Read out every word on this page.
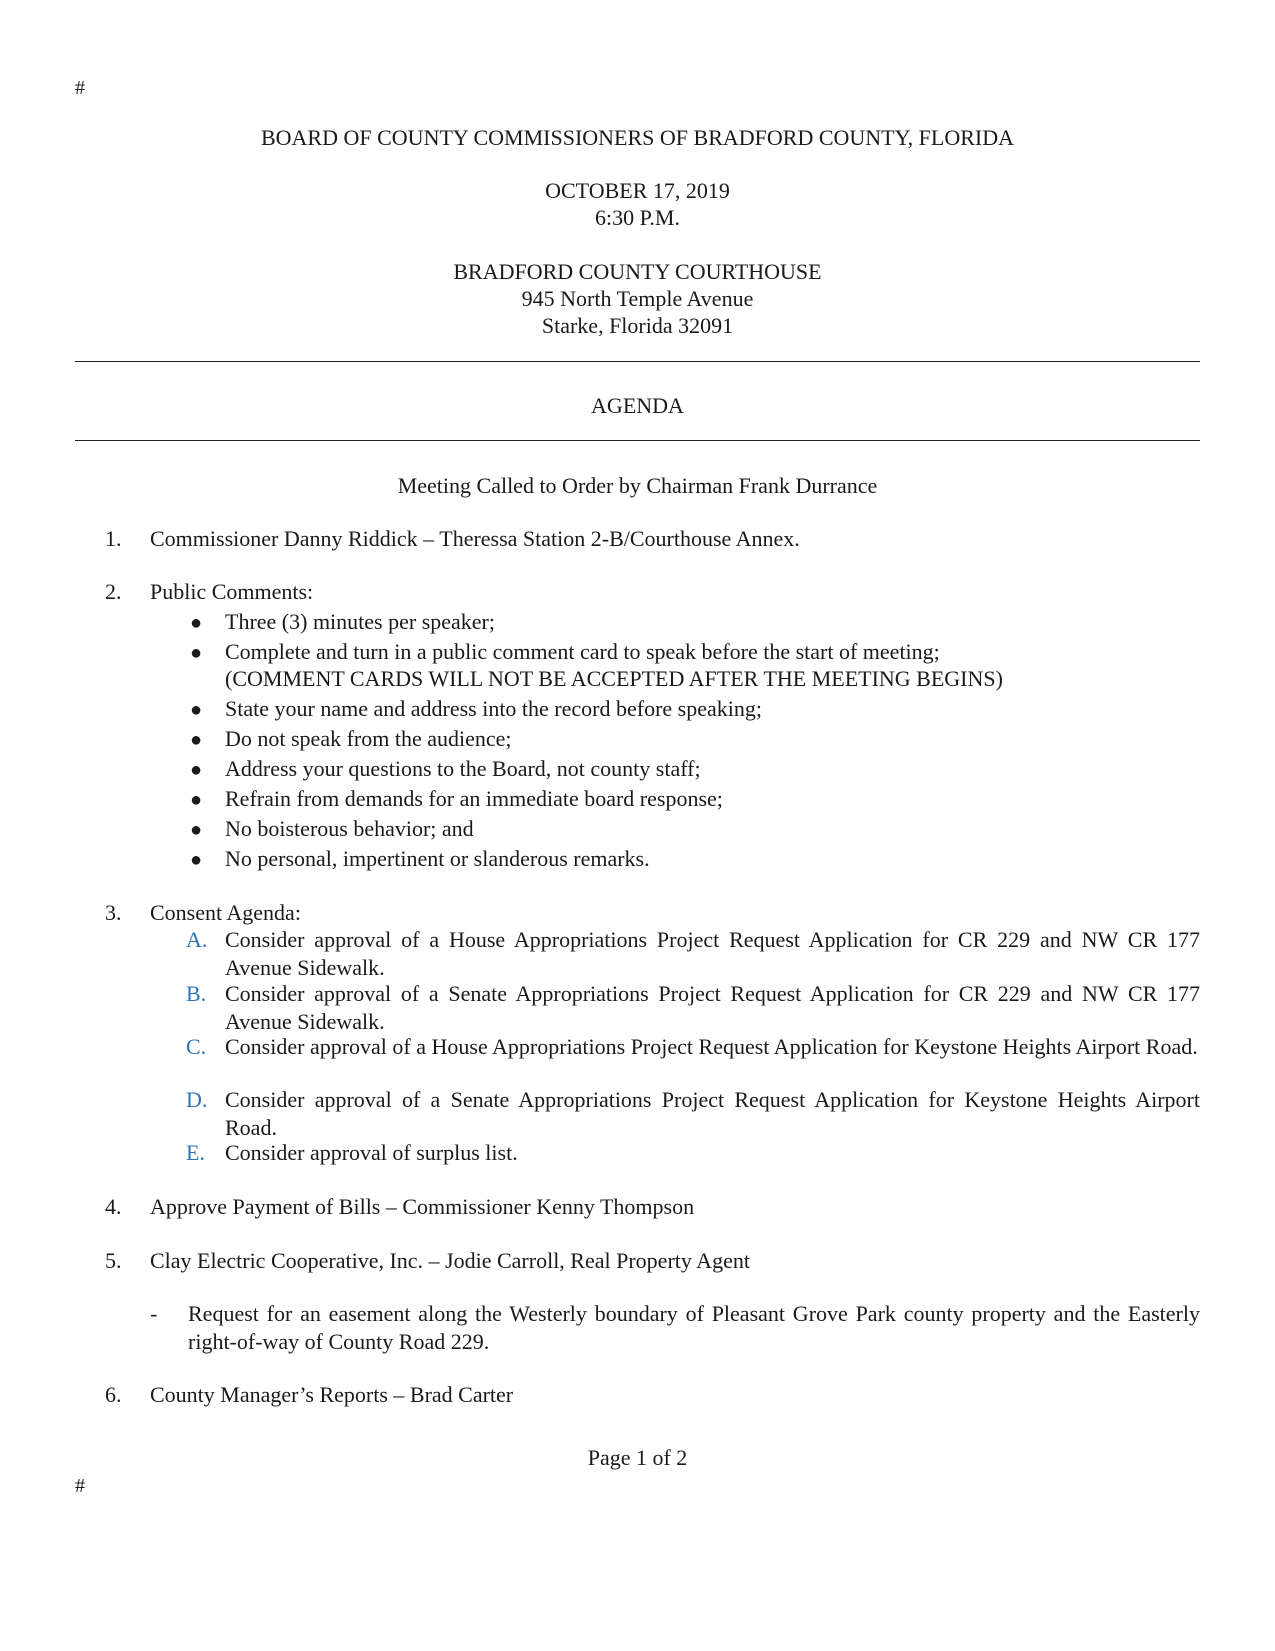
#
BOARD OF COUNTY COMMISSIONERS OF BRADFORD COUNTY, FLORIDA
OCTOBER 17, 2019
6:30 P.M.
BRADFORD COUNTY COURTHOUSE
945 North Temple Avenue
Starke, Florida 32091
AGENDA
Meeting Called to Order by Chairman Frank Durrance
1.	Commissioner Danny Riddick – Theressa Station 2-B/Courthouse Annex.
2.	Public Comments:
● Three (3) minutes per speaker;
● Complete and turn in a public comment card to speak before the start of meeting;
(COMMENT CARDS WILL NOT BE ACCEPTED AFTER THE MEETING BEGINS)
● State your name and address into the record before speaking;
● Do not speak from the audience;
● Address your questions to the Board, not county staff;
● Refrain from demands for an immediate board response;
● No boisterous behavior; and
● No personal, impertinent or slanderous remarks.
3.	Consent Agenda:
A. Consider approval of a House Appropriations Project Request Application for CR 229 and NW CR 177 Avenue Sidewalk.
B. Consider approval of a Senate Appropriations Project Request Application for CR 229 and NW CR 177 Avenue Sidewalk.
C. Consider approval of a House Appropriations Project Request Application for Keystone Heights Airport Road.
D. Consider approval of a Senate Appropriations Project Request Application for Keystone Heights Airport Road.
E. Consider approval of surplus list.
4.	Approve Payment of Bills – Commissioner Kenny Thompson
5.	Clay Electric Cooperative, Inc. – Jodie Carroll, Real Property Agent
- Request for an easement along the Westerly boundary of Pleasant Grove Park county property and the Easterly right-of-way of County Road 229.
6.	County Manager’s Reports – Brad Carter
Page 1 of 2
#
